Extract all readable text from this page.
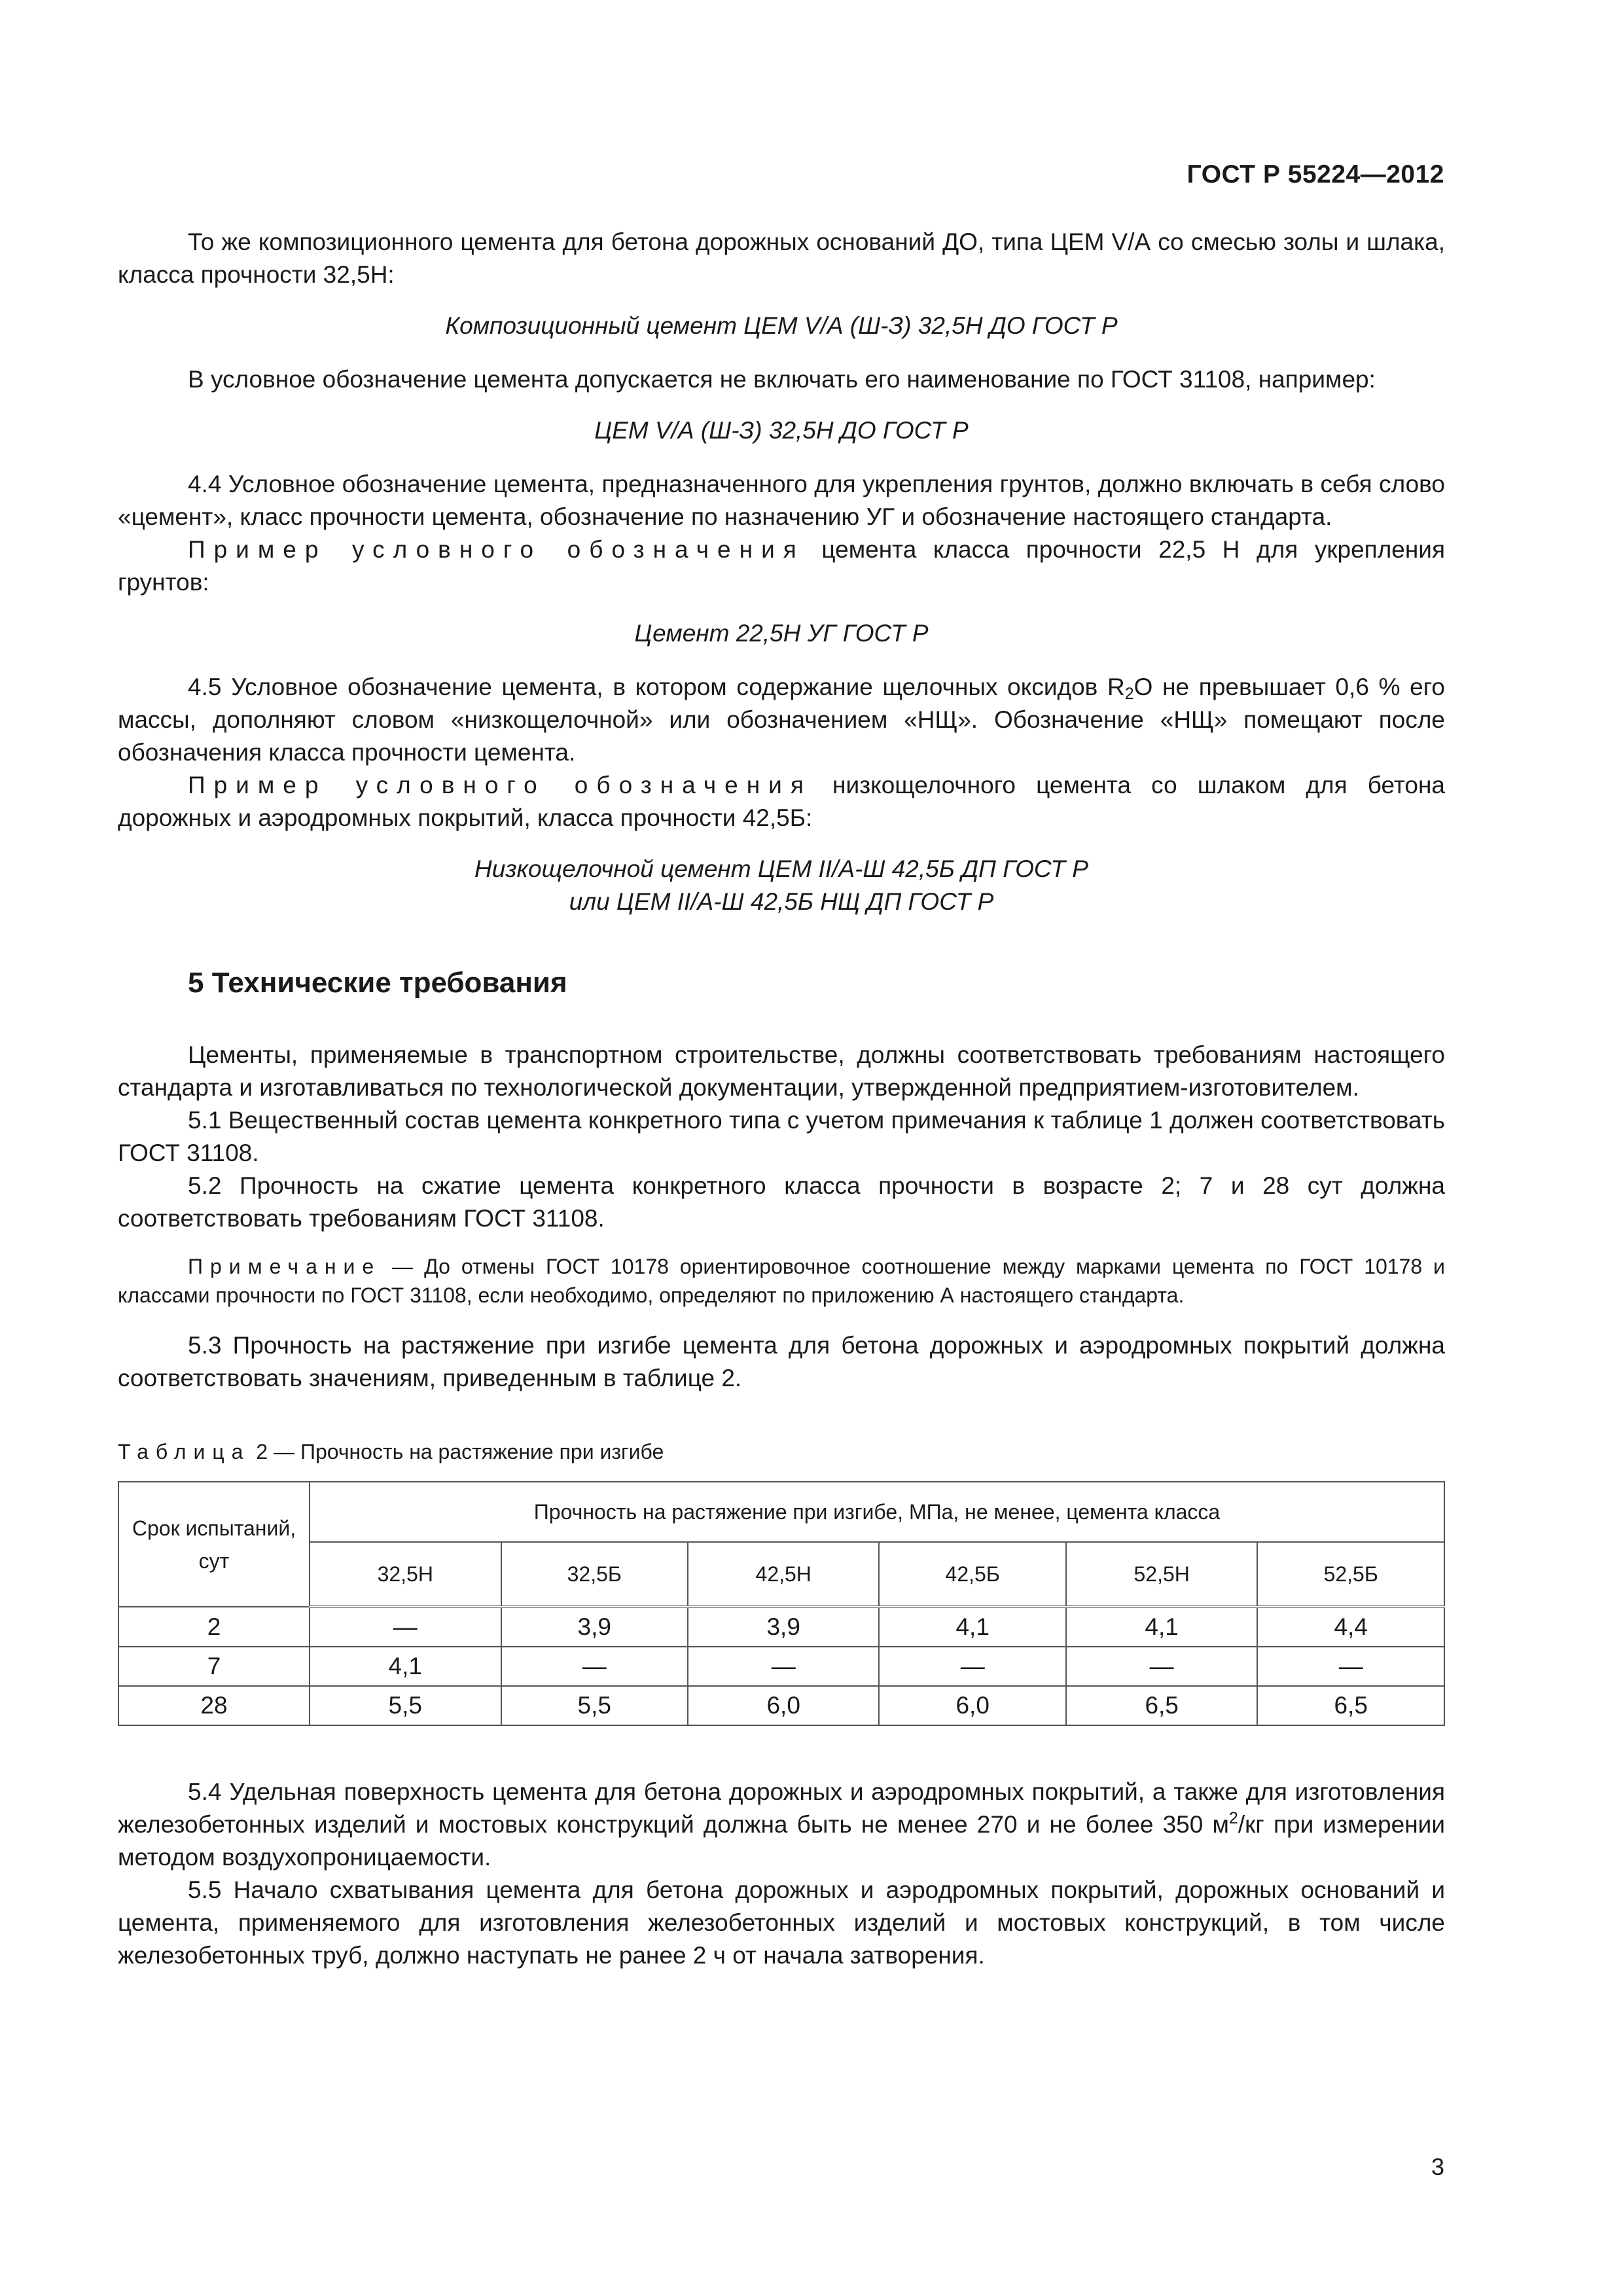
ГОСТ Р 55224—2012

То же композиционного цемента для бетона дорожных оснований ДО, типа ЦЕМ V/А со смесью золы и шлака, класса прочности 32,5Н:

Композиционный цемент ЦЕМ V/А (Ш-З) 32,5Н ДО ГОСТ Р

В условное обозначение цемента допускается не включать его наименование по ГОСТ 31108, например:

ЦЕМ V/А (Ш-З) 32,5Н ДО ГОСТ Р

4.4 Условное обозначение цемента, предназначенного для укрепления грунтов, должно включать в себя слово «цемент», класс прочности цемента, обозначение по назначению УГ и обозначение настоящего стандарта.

Пример условного обозначения цемента класса прочности 22,5 Н для укрепления грунтов:

Цемент 22,5Н УГ ГОСТ Р

4.5 Условное обозначение цемента, в котором содержание щелочных оксидов $R_2O$ не превышает 0,6 % его массы, дополняют словом «низкощелочной» или обозначением «НЩ». Обозначение «НЩ» помещают после обозначения класса прочности цемента.

Пример условного обозначения низкощелочного цемента со шлаком для бетона дорожных и аэродромных покрытий, класса прочности 42,5Б:

Низкощелочной цемент ЦЕМ II/А-Ш 42,5Б ДП ГОСТ Р

или ЦЕМ II/А-Ш 42,5Б НЩ ДП ГОСТ Р

5 Технические требования

Цементы, применяемые в транспортном строительстве, должны соответствовать требованиям настоящего стандарта и изготавливаться по технологической документации, утвержденной предприятием-изготовителем.

5.1 Вещественный состав цемента конкретного типа с учетом примечания к таблице 1 должен соответствовать ГОСТ 31108.

5.2 Прочность на сжатие цемента конкретного класса прочности в возрасте 2; 7 и 28 сут должна соответствовать требованиям ГОСТ 31108.

Примечание — До отмены ГОСТ 10178 ориентировочное соотношение между марками цемента по ГОСТ 10178 и классами прочности по ГОСТ 31108, если необходимо, определяют по приложению А настоящего стандарта.

5.3 Прочность на растяжение при изгибе цемента для бетона дорожных и аэродромных покрытий должна соответствовать значениям, приведенным в таблице 2.

Таблица 2 — Прочность на растяжение при изгибе
Срок испытаний, сут	Прочность на растяжение при изгибе, МПа, не менее, цемента класса					
	32,5Н	32,5Б	42,5Н	42,5Б	52,5Н	52,5Б
2	—	3,9	3,9	4,1	4,1	4,4
7	4,1	—	—	—	—	—
28	5,5	5,5	6,0	6,0	6,5	6,5

5.4 Удельная поверхность цемента для бетона дорожных и аэродромных покрытий, а также для изготовления железобетонных изделий и мостовых конструкций должна быть не менее 270 и не более 350 $м^2/кг$ при измерении методом воздухопроницаемости.

5.5 Начало схватывания цемента для бетона дорожных и аэродромных покрытий, дорожных оснований и цемента, применяемого для изготовления железобетонных изделий и мостовых конструкций, в том числе железобетонных труб, должно наступать не ранее 2 ч от начала затворения.

3
